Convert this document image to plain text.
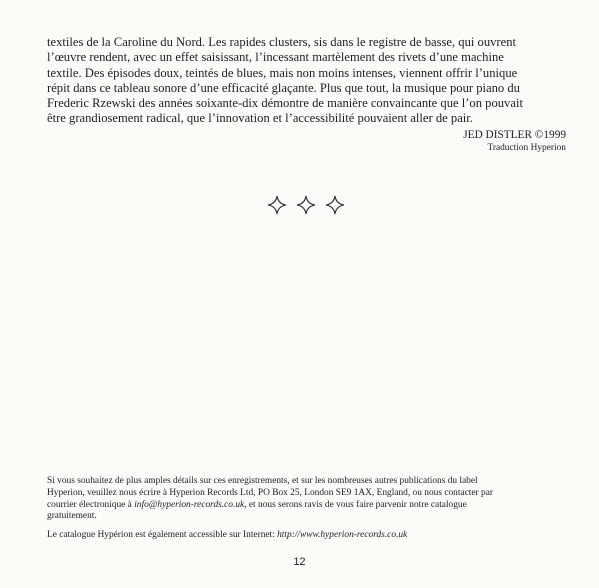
textiles de la Caroline du Nord. Les rapides clusters, sis dans le registre de basse, qui ouvrent
l’œuvre rendent, avec un effet saisissant, l’incessant martèlement des rivets d’une machine
textile. Des épisodes doux, teintés de blues, mais non moins intenses, viennent offrir l’unique
répit dans ce tableau sonore d’une efficacité glaçante. Plus que tout, la musique pour piano du
Frederic Rzewski des années soixante-dix démontre de manière convaincante que l’on pouvait
être grandiosement radical, que l’innovation et l’accessibilité pouvaient aller de pair.

JED DISTLER ©1999
Traduction Hyperion
Si vous souhaitez de plus amples détails sur ces enregistrements, et sur les nombreuses autres publications du label
Hyperion, veuillez nous écrire à Hyperion Records Ltd, PO Box 25, London SE9 1AX, England, ou nous contacter par
courrier électronique à info@hyperion-records.co.uk, et nous serons ravis de vous faire parvenir notre catalogue
gratuitement.
Le catalogue Hypérion est également accessible sur Internet: http://www.hyperion-records.co.uk
12
